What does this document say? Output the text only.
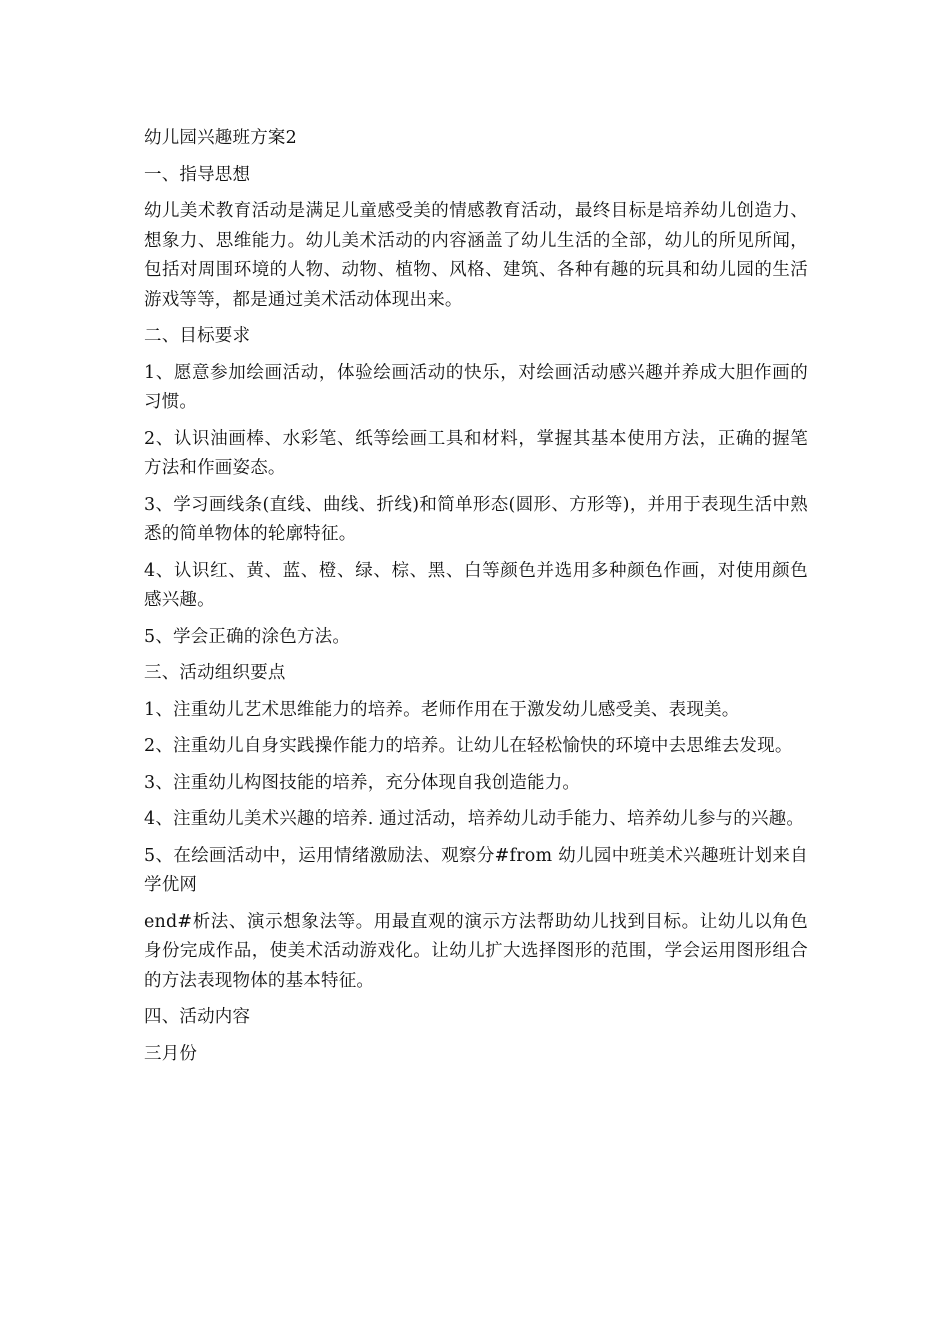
幼儿园兴趣班方案2
一、指导思想
幼儿美术教育活动是满足儿童感受美的情感教育活动，最终目标是培养幼儿创造力、想象力、思维能力。幼儿美术活动的内容涵盖了幼儿生活的全部，幼儿的所见所闻，包括对周围环境的人物、动物、植物、风格、建筑、各种有趣的玩具和幼儿园的生活游戏等等，都是通过美术活动体现出来。
二、目标要求
1、愿意参加绘画活动，体验绘画活动的快乐，对绘画活动感兴趣并养成大胆作画的习惯。
2、认识油画棒、水彩笔、纸等绘画工具和材料，掌握其基本使用方法，正确的握笔方法和作画姿态。
3、学习画线条(直线、曲线、折线)和简单形态(圆形、方形等)，并用于表现生活中熟悉的简单物体的轮廓特征。
4、认识红、黄、蓝、橙、绿、棕、黑、白等颜色并选用多种颜色作画，对使用颜色感兴趣。
5、学会正确的涂色方法。
三、活动组织要点
1、注重幼儿艺术思维能力的培养。老师作用在于激发幼儿感受美、表现美。
2、注重幼儿自身实践操作能力的培养。让幼儿在轻松愉快的环境中去思维去发现。
3、注重幼儿构图技能的培养，充分体现自我创造能力。
4、注重幼儿美术兴趣的培养. 通过活动，培养幼儿动手能力、培养幼儿参与的兴趣。
5、在绘画活动中，运用情绪激励法、观察分#from 幼儿园中班美术兴趣班计划来自学优网
end#析法、演示想象法等。用最直观的演示方法帮助幼儿找到目标。让幼儿以角色身份完成作品，使美术活动游戏化。让幼儿扩大选择图形的范围，学会运用图形组合的方法表现物体的基本特征。
四、活动内容
三月份
